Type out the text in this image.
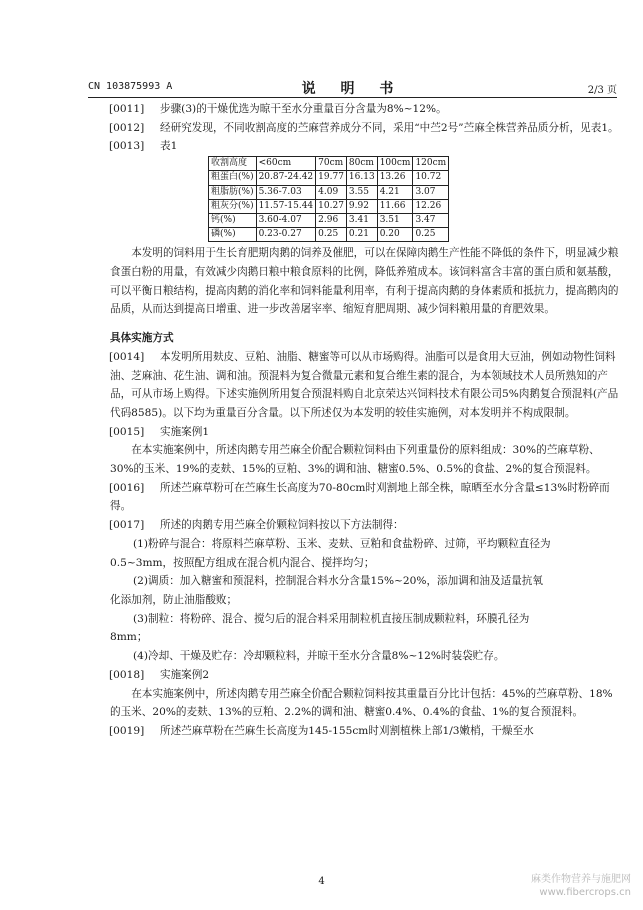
CN 103875993 A	说 明 书	2/3 页

[0011]	步骤(3)的干燥优选为晾干至水分重量百分含量为8%~12%。

[0012]	经研究发现，不同收割高度的苎麻营养成分不同，采用“中苎2号”苎麻全株营养品质分析，见表1。

[0013]	表1

收割高度	<60cm	70cm	80cm	100cm	120cm
粗蛋白(%)	20.87-24.42	19.77	16.13	13.26	10.72
粗脂肪(%)	5.36-7.03	4.09	3.55	4.21	3.07
粗灰分(%)	11.57-15.44	10.27	9.92	11.66	12.26
钙(%)	3.60-4.07	2.96	3.41	3.51	3.47
磷(%)	0.23-0.27	0.25	0.21	0.20	0.25

本发明的饲料用于生长育肥期肉鹅的饲养及催肥，可以在保障肉鹅生产性能不降低的条件下，明显减少粮食蛋白粉的用量，有效减少肉鹅日粮中粮食原料的比例，降低养殖成本。该饲料富含丰富的蛋白质和氨基酸，可以平衡日粮结构，提高肉鹅的消化率和饲料能量利用率，有利于提高肉鹅的身体素质和抵抗力，提高鹅肉的品质，从而达到提高日增重、进一步改善屠宰率、缩短育肥周期、减少饲料粮用量的育肥效果。

具体实施方式

[0014]	本发明所用麸皮、豆粕、油脂、糖蜜等可以从市场购得。油脂可以是食用大豆油，例如动物性饲料油、芝麻油、花生油、调和油。预混料为复合微量元素和复合维生素的混合，为本领域技术人员所熟知的产品，可从市场上购得。下述实施例所用复合预混料购自北京荣达兴饲料技术有限公司5%肉鹅复合预混料(产品代码8585)。以下均为重量百分含量。以下所述仅为本发明的较佳实施例，对本发明并不构成限制。

[0015]	实施案例1

在本实施案例中，所述肉鹅专用苎麻全价配合颗粒饲料由下列重量份的原料组成：30%的苎麻草粉、30%的玉米、19%的麦麸、15%的豆粕、3%的调和油、糖蜜0.5%、0.5%的食盐、2%的复合预混料。

[0016]	所述苎麻草粉可在苎麻生长高度为70-80cm时刈割地上部全株，晾晒至水分含量≤13%时粉碎而得。

[0017]	所述的肉鹅专用苎麻全价颗粒饲料按以下方法制得：

(1)粉碎与混合：将原料苎麻草粉、玉米、麦麸、豆粕和食盐粉碎、过筛，平均颗粒直径为

0.5~3mm，按照配方组成在混合机内混合、搅拌均匀；

(2)调质：加入糖蜜和预混料，控制混合料水分含量15%~20%，添加调和油及适量抗氧

化添加剂，防止油脂酸败；

(3)制粒：将粉碎、混合、搅匀后的混合料采用制粒机直接压制成颗粒料，环膜孔径为

8mm；

(4)冷却、干燥及贮存：冷却颗粒料，并晾干至水分含量8%~12%时装袋贮存。

[0018]	实施案例2

在本实施案例中，所述肉鹅专用苎麻全价配合颗粒饲料按其重量百分比计包括：45%的苎麻草粉、18%的玉米、20%的麦麸、13%的豆粕、2.2%的调和油、糖蜜0.4%、0.4%的食盐、1%的复合预混料。

[0019]	所述苎麻草粉在苎麻生长高度为145-155cm时刈割植株上部1/3嫩梢，干燥至水

4	麻类作物营养与施肥网
www.fibercrops.cn
